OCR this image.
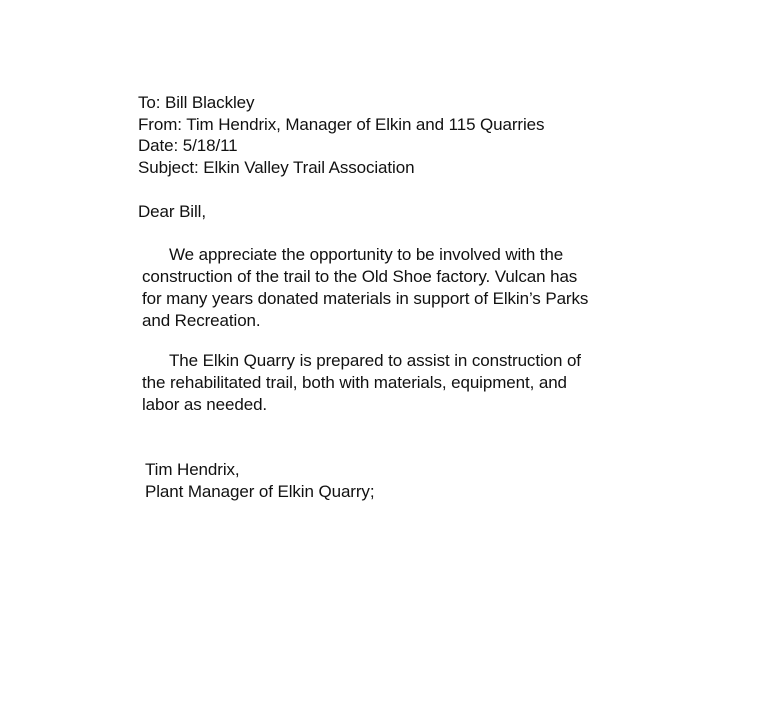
To: Bill Blackley
From: Tim Hendrix, Manager of Elkin and 115 Quarries
Date: 5/18/11
Subject: Elkin Valley Trail Association
Dear Bill,
We appreciate the opportunity to be involved with the
construction of the trail to the Old Shoe factory. Vulcan has
for many years donated materials in support of Elkin’s Parks
and Recreation.
The Elkin Quarry is prepared to assist in construction of
the rehabilitated trail, both with materials, equipment, and
labor as needed.
Tim Hendrix,
Plant Manager of Elkin Quarry;
